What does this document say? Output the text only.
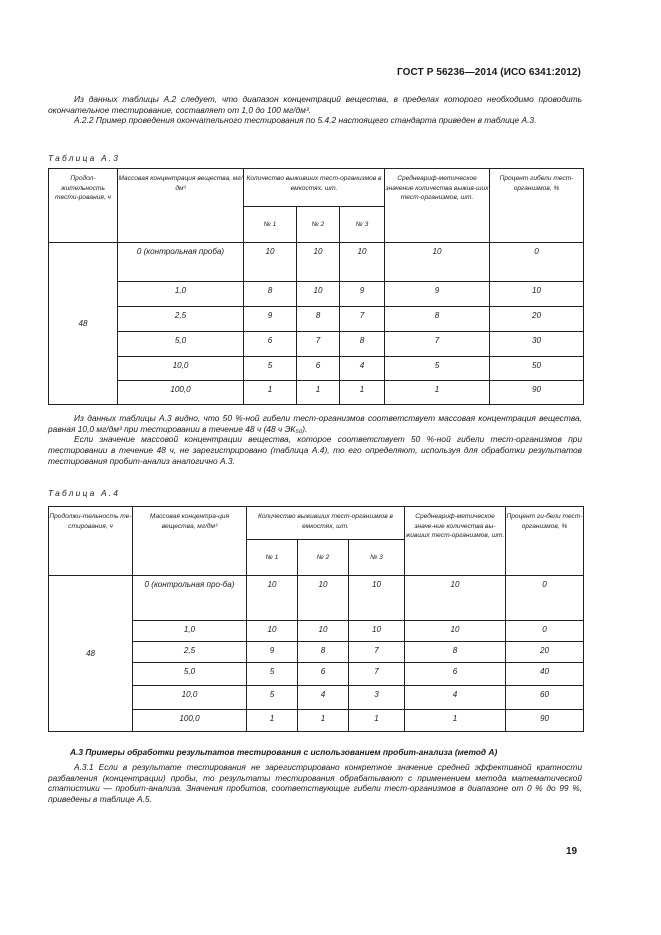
ГОСТ Р 56236—2014 (ИСО 6341:2012)

Из данных таблицы А.2 следует, что диапазон концентраций вещества, в пределах которого необходимо проводить окончательное тестирование, составляет от 1,0 до 100 мг/дм³.

А.2.2 Пример проведения окончательного тестирования по 5.4.2 настоящего стандарта приведен в таблице А.3.

Таблица А.3
Продол-жительность тести-рования, ч	Массовая концентрация вещества, мг/дм³	Количество выживших тест-организмов в емкостях, шт.			Среднеариф-метическое значение количества выжив-ших тест-организмов, шт.	Процент гибели тест-организмов, %
		№ 1	№ 2	№ 3		
48	0 (контрольная проба)	10	10	10	10	0
	1,0	8	10	9	9	10
	2,5	9	8	7	8	20
	5,0	6	7	8	7	30
	10,0	5	6	4	5	50
	100,0	1	1	1	1	90

Из данных таблицы А.3 видно, что 50 %-ной гибели тест-организмов соответствует массовая концентрация вещества, равная 10,0 мг/дм³ при тестировании в течение 48 ч (48 ч ЭК₅₀).

Если значение массовой концентрации вещества, которое соответствует 50 %-ной гибели тест-организмов при тестировании в течение 48 ч, не зарегистрировано (таблица А.4), то его определяют, используя для обработки результатов тестирования пробит-анализ аналогично А.3.

Таблица А.4
Продолжи-тельность те-стирования, ч	Массовая концентра-ция вещества, мг/дм³	Количество выживших тест-организмов в емкостях, шт.			Среднеариф-метическое значе-ние количества вы-живших тест-организмов, шт.	Процент ги-бели тест-организмов, %
		№ 1	№ 2	№ 3		
48	0 (контрольная про-ба)	10	10	10	10	0
	1,0	10	10	10	10	0
	2,5	9	8	7	8	20
	5,0	5	6	7	6	40
	10,0	5	4	3	4	60
	100,0	1	1	1	1	90
А.3 Примеры обработки результатов тестирования с использованием пробит-анализа (метод А)

А.3.1 Если в результате тестирования не зарегистрировано конкретное значение средней эффективной кратности разбавления (концентрации) пробы, то результаты тестирования обрабатывают с применением метода математической статистики — пробит-анализа. Значения пробитов, соответствующие гибели тест-организмов в диапазоне от 0 % до 99 %, приведены в таблице А.5.

19
